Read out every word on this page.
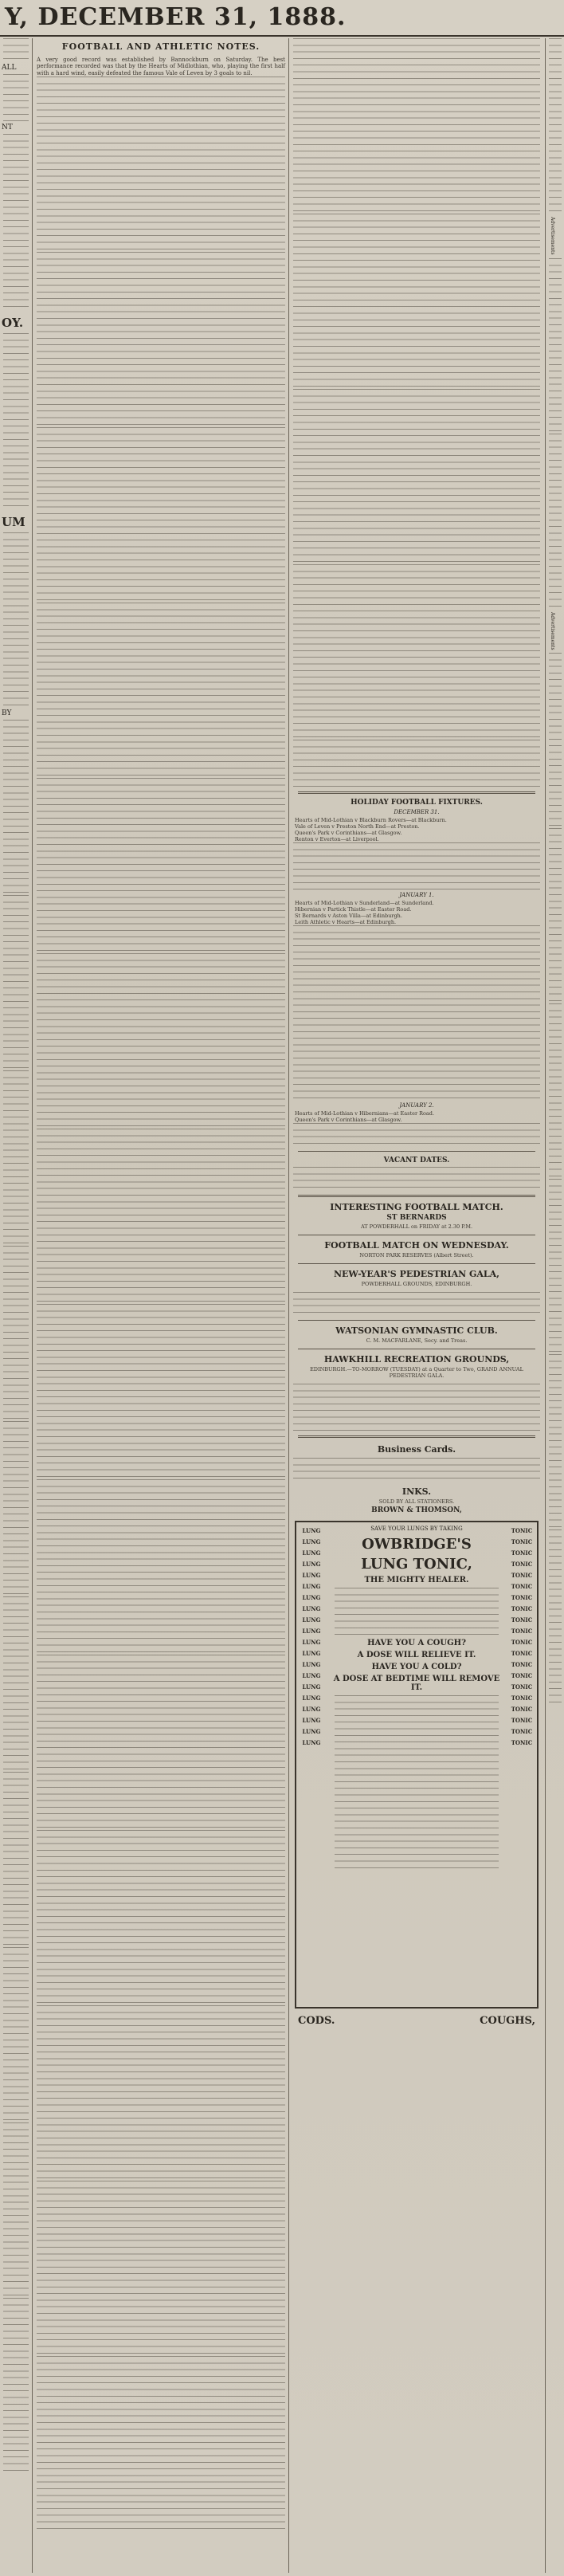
Y, DECEMBER 31, 1888.
ALL
NT
OY.
UM
BY
FOOTBALL AND ATHLETIC NOTES.

A very good record was established by Bannockburn on Saturday. The best performance recorded was that by the Hearts of Midlothian, who, playing the first half with a hard wind, easily defeated the famous Vale of Leven by 3 goals to nil.

HOLIDAY FOOTBALL FIXTURES.
DECEMBER 31.
Hearts of Mid-Lothian v Blackburn Rovers—at Blackburn.
Vale of Leven v Preston North End—at Preston.
Queen's Park v Corinthians—at Glasgow.
Renton v Everton—at Liverpool.
JANUARY 1.
Hearts of Mid-Lothian v Sunderland—at Sunderland.
Hibernian v Partick Thistle—at Easter Road.
St Bernards v Aston Villa—at Edinburgh.
Leith Athletic v Hearts—at Edinburgh.
JANUARY 2.
Hearts of Mid-Lothian v Hibernians—at Easter Road.
Queen's Park v Corinthians—at Glasgow.
VACANT DATES.
INTERESTING FOOTBALL MATCH.
ST BERNARDS
AT POWDERHALL on FRIDAY at 2.30 P.M.
FOOTBALL MATCH ON WEDNESDAY.
NORTON PARK RESERVES (Albert Street).
NEW-YEAR'S PEDESTRIAN GALA,
POWDERHALL GROUNDS, EDINBURGH.
WATSONIAN GYMNASTIC CLUB.
C. M. MACFARLANE, Secy. and Treas.
HAWKHILL RECREATION GROUNDS,
EDINBURGH.—TO-MORROW (TUESDAY) at a Quarter to Two, GRAND ANNUAL PEDESTRIAN GALA.
Business Cards.
INKS.
SOLD BY ALL STATIONERS.
BROWN & THOMSON,
LUNG
LUNG
LUNG
LUNG
LUNG
LUNG
LUNG
LUNG
LUNG
LUNG
LUNG
LUNG
LUNG
LUNG
LUNG
LUNG
LUNG
LUNG
LUNG
LUNG
TONIC
TONIC
TONIC
TONIC
TONIC
TONIC
TONIC
TONIC
TONIC
TONIC
TONIC
TONIC
TONIC
TONIC
TONIC
TONIC
TONIC
TONIC
TONIC
TONIC
SAVE YOUR LUNGS BY TAKING
OWBRIDGE'S
LUNG TONIC,
THE MIGHTY HEALER.
HAVE YOU A COUGH?
A DOSE WILL RELIEVE IT.
HAVE YOU A COLD?
A DOSE AT BEDTIME WILL REMOVE IT.
CODS.	COUGHS,
Advertisements
Advertisements
